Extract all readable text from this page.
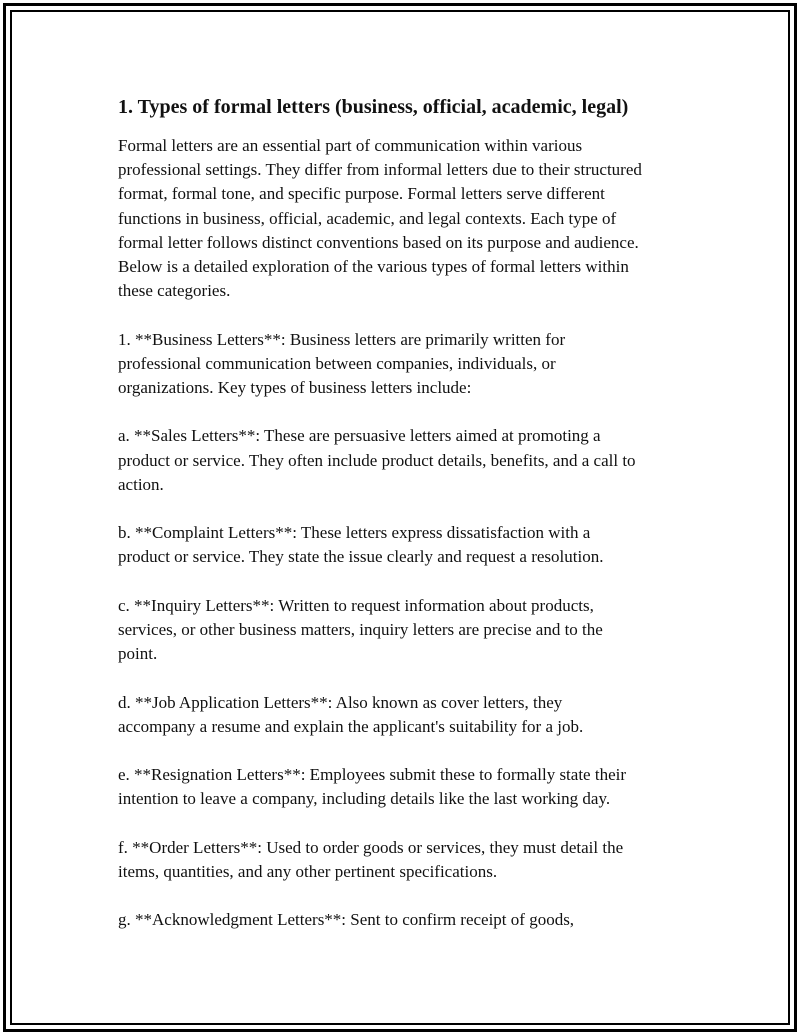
1. Types of formal letters (business, official, academic, legal)
Formal letters are an essential part of communication within various
professional settings. They differ from informal letters due to their structured
format, formal tone, and specific purpose. Formal letters serve different
functions in business, official, academic, and legal contexts. Each type of
formal letter follows distinct conventions based on its purpose and audience.
Below is a detailed exploration of the various types of formal letters within
these categories.
1. **Business Letters**: Business letters are primarily written for
professional communication between companies, individuals, or
organizations. Key types of business letters include:
a. **Sales Letters**: These are persuasive letters aimed at promoting a
product or service. They often include product details, benefits, and a call to
action.
b. **Complaint Letters**: These letters express dissatisfaction with a
product or service. They state the issue clearly and request a resolution.
c. **Inquiry Letters**: Written to request information about products,
services, or other business matters, inquiry letters are precise and to the
point.
d. **Job Application Letters**: Also known as cover letters, they
accompany a resume and explain the applicant's suitability for a job.
e. **Resignation Letters**: Employees submit these to formally state their
intention to leave a company, including details like the last working day.
f. **Order Letters**: Used to order goods or services, they must detail the
items, quantities, and any other pertinent specifications.
g. **Acknowledgment Letters**: Sent to confirm receipt of goods,
